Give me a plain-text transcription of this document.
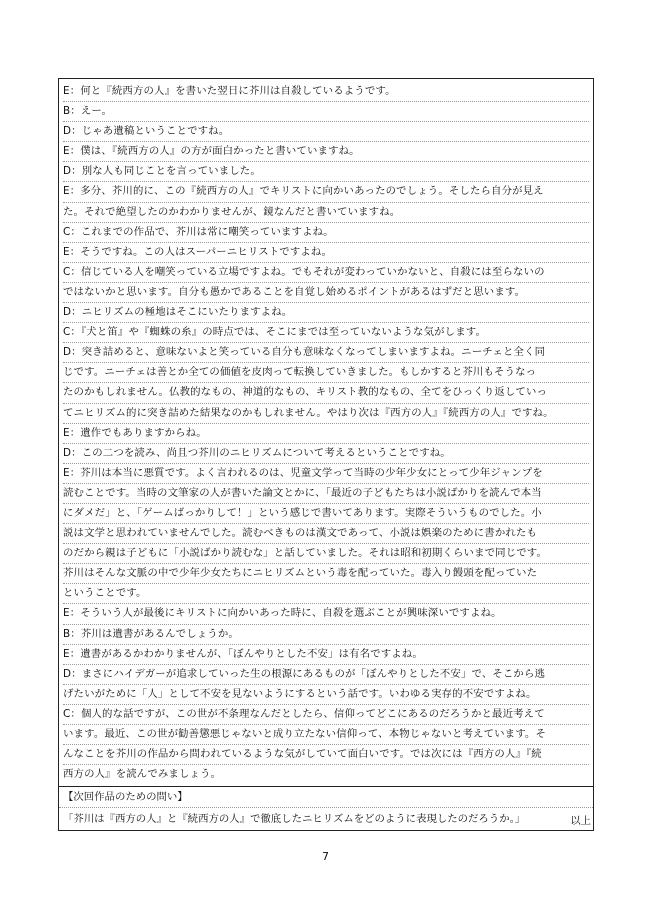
E：何と『続西方の人』を書いた翌日に芥川は自殺しているようです。
B：えー。
D：じゃあ遺稿ということですね。
E：僕は、『続西方の人』の方が面白かったと書いていますね。
D：別な人も同じことを言っていました。
E：多分、芥川的に、この『続西方の人』でキリストに向かいあったのでしょう。そしたら自分が見え
た。それで絶望したのかわかりませんが、鏡なんだと書いていますね。
C：これまでの作品で、芥川は常に嘲笑っていますよね。
E：そうですね。この人はスーパーニヒリストですよね。
C：信じている人を嘲笑っている立場ですよね。でもそれが変わっていかないと、自殺には至らないの
ではないかと思います。自分も愚かであることを自覚し始めるポイントがあるはずだと思います。
D：ニヒリズムの極地はそこにいたりますよね。
C：『犬と笛』や『蜘蛛の糸』の時点では、そこにまでは至っていないような気がします。
D：突き詰めると、意味ないよと笑っている自分も意味なくなってしまいますよね。ニーチェと全く同
じです。ニーチェは善とか全ての価値を皮肉って転換していきました。もしかすると芥川もそうなっ
たのかもしれません。仏教的なもの、神道的なもの、キリスト教的なもの、全てをひっくり返していっ
てニヒリズム的に突き詰めた結果なのかもしれません。やはり次は『西方の人』『続西方の人』ですね。
E：遺作でもありますからね。
D：この二つを読み、尚且つ芥川のニヒリズムについて考えるということですね。
E：芥川は本当に悪質です。よく言われるのは、児童文学って当時の少年少女にとって少年ジャンプを
読むことです。当時の文筆家の人が書いた論文とかに、「最近の子どもたちは小説ばかりを読んで本当
にダメだ」と、「ゲームばっかりして！」という感じで書いてあります。実際そういうものでした。小
説は文学と思われていませんでした。読むべきものは漢文であって、小説は娯楽のために書かれたも
のだから親は子どもに「小説ばかり読むな」と話していました。それは昭和初期くらいまで同じです。
芥川はそんな文脈の中で少年少女たちにニヒリズムという毒を配っていた。毒入り饅頭を配っていた
ということです。
E：そういう人が最後にキリストに向かいあった時に、自殺を選ぶことが興味深いですよね。
B：芥川は遺書があるんでしょうか。
E：遺書があるかわかりませんが、「ぼんやりとした不安」は有名ですよね。
D：まさにハイデガーが追求していった生の根源にあるものが「ぼんやりとした不安」で、そこから逃
げたいがために「人」として不安を見ないようにするという話です。いわゆる実存的不安ですよね。
C：個人的な話ですが、この世が不条理なんだとしたら、信仰ってどこにあるのだろうかと最近考えて
います。最近、この世が勧善懲悪じゃないと成り立たない信仰って、本物じゃないと考えています。そ
んなことを芥川の作品から問われているような気がしていて面白いです。では次には『西方の人』『続
西方の人』を読んでみましょう。
【次回作品のための問い】
「芥川は『西方の人』と『続西方の人』で徹底したニヒリズムをどのように表現したのだろうか。」	以上
7
